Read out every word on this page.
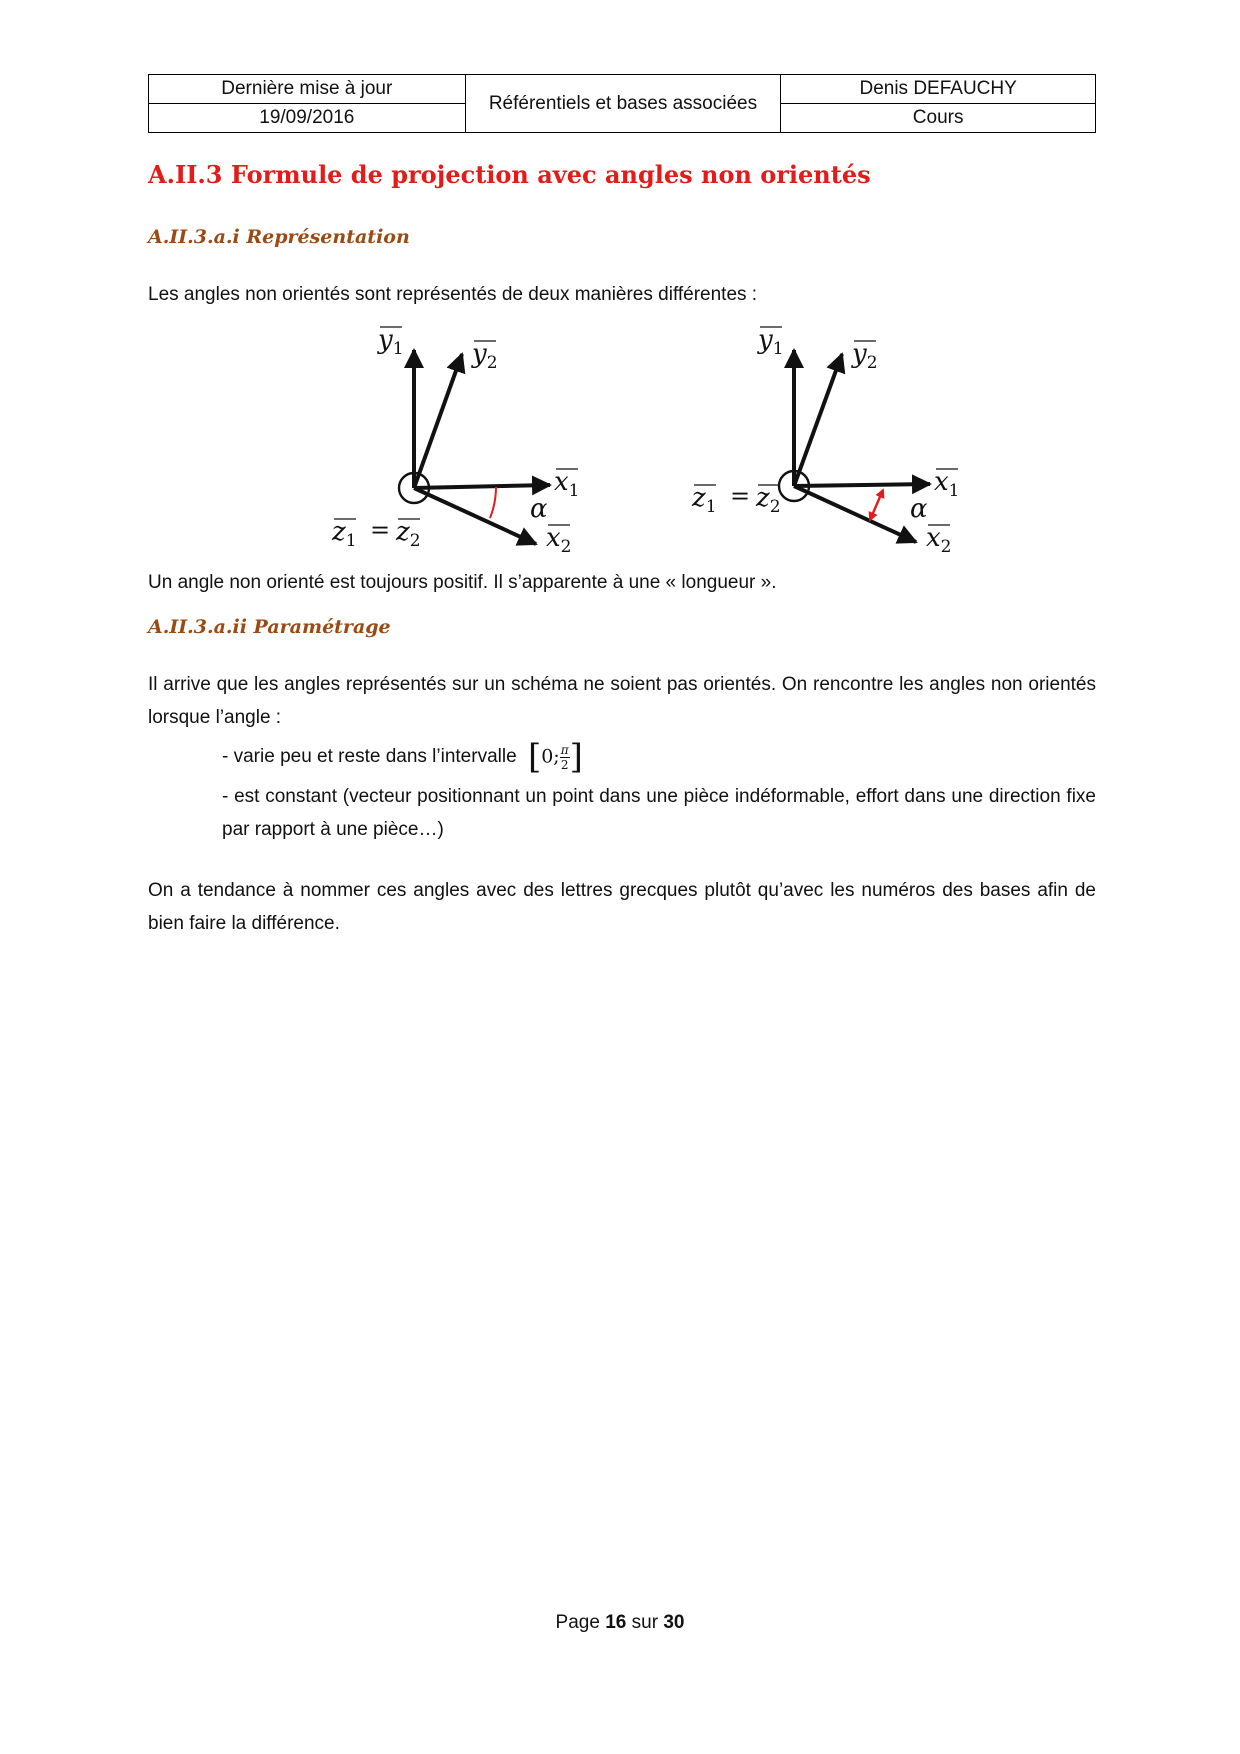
Dernière mise à jour	Référentiels et bases associées	Denis DEFAUCHY
19/09/2016		Cours
A.II.3 Formule de projection avec angles non orientés
A.II.3.a.i Représentation

Les angles non orientés sont représentés de deux manières différentes :

$y_1$	$y_2$
$x_1$
$x_2$
α
$z_1 = z_2$
$y_1$	$y_2$
$x_1$
$x_2$
α
$z_1 = z_2$

Un angle non orienté est toujours positif. Il s’apparente à une « longueur ».

A.II.3.a.ii Paramétrage

Il arrive que les angles représentés sur un schéma ne soient pas orientés. On rencontre les angles non orientés lorsque l’angle :

- varie peu et reste dans l’intervalle [0; $\frac{\pi}{2}$ ]

- est constant (vecteur positionnant un point dans une pièce indéformable, effort dans une direction fixe par rapport à une pièce…)

On a tendance à nommer ces angles avec des lettres grecques plutôt qu’avec les numéros des bases afin de bien faire la différence.

Page 16 sur 30
